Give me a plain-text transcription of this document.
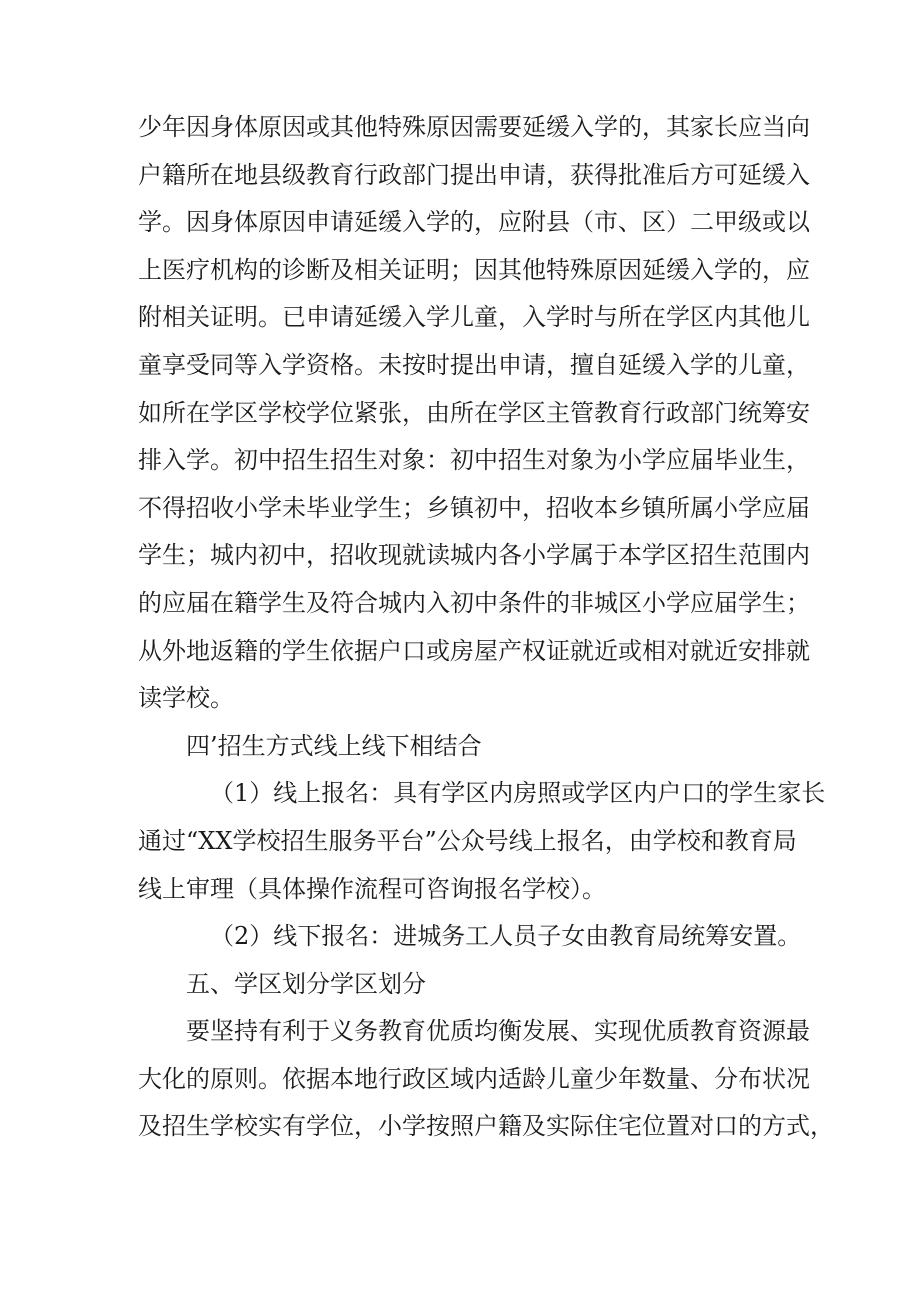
少年因身体原因或其他特殊原因需要延缓入学的，其家长应当向
户籍所在地县级教育行政部门提出申请，获得批准后方可延缓入
学。因身体原因申请延缓入学的，应附县（市、区）二甲级或以
上医疗机构的诊断及相关证明；因其他特殊原因延缓入学的，应
附相关证明。已申请延缓入学儿童，入学时与所在学区内其他儿
童享受同等入学资格。未按时提出申请，擅自延缓入学的儿童，
如所在学区学校学位紧张，由所在学区主管教育行政部门统筹安
排入学。初中招生招生对象：初中招生对象为小学应届毕业生，
不得招收小学未毕业学生；乡镇初中，招收本乡镇所属小学应届
学生；城内初中，招收现就读城内各小学属于本学区招生范围内
的应届在籍学生及符合城内入初中条件的非城区小学应届学生；
从外地返籍的学生依据户口或房屋产权证就近或相对就近安排就
读学校。

四’招生方式线上线下相结合

（1）线上报名：具有学区内房照或学区内户口的学生家长
通过“XX学校招生服务平台”公众号线上报名，由学校和教育局
线上审理（具体操作流程可咨询报名学校）。

（2）线下报名：进城务工人员子女由教育局统筹安置。

五、学区划分学区划分

要坚持有利于义务教育优质均衡发展、实现优质教育资源最
大化的原则。依据本地行政区域内适龄儿童少年数量、分布状况
及招生学校实有学位，小学按照户籍及实际住宅位置对口的方式，
